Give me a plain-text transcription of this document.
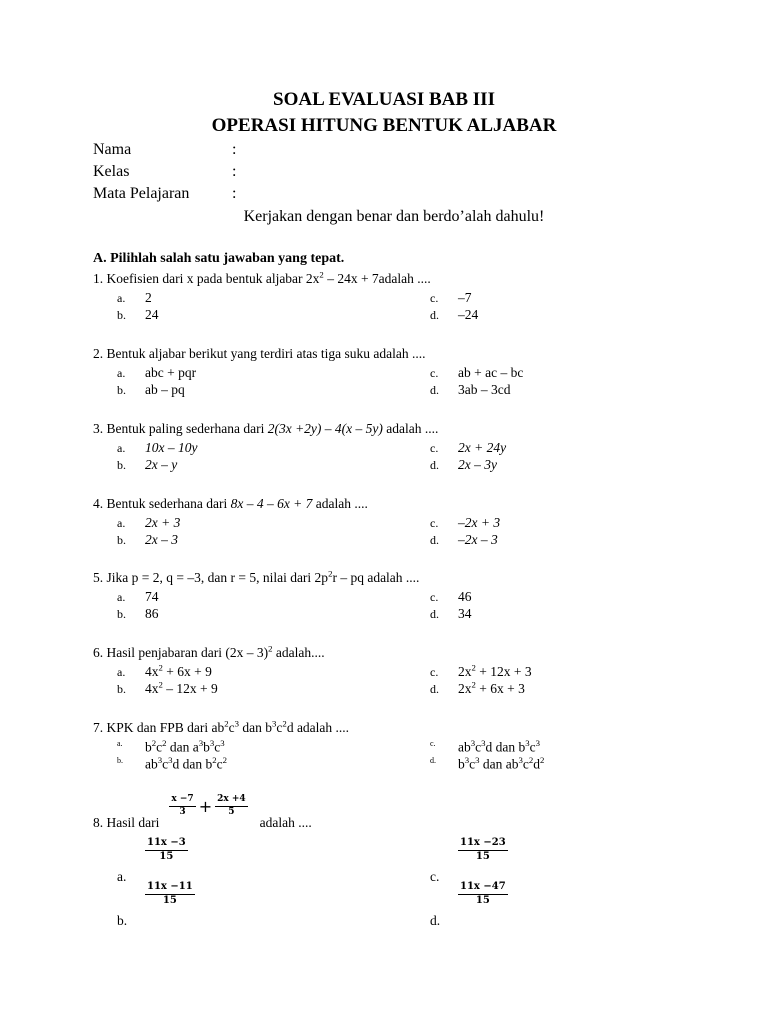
SOAL EVALUASI BAB III
OPERASI HITUNG BENTUK ALJABAR
Nama	:
Kelas	:
Mata Pelajaran	:
Kerjakan dengan benar dan berdo’alah dahulu!
A. Pilihlah salah satu jawaban yang tepat.
1. Koefisien dari x pada bentuk aljabar $2x^2 - 24x$ + 7adalah ....
a. 2
b. 24
c. –7
d. –24
2. Bentuk aljabar berikut yang terdiri atas tiga suku adalah ....
a. abc + pqr
b. ab – pq
c. ab + ac – bc
d. 3ab – 3cd
3. Bentuk paling sederhana dari 2(3x +2y) – 4(x – 5y) adalah ....
a. 10x – 10y
b. 2x – y
c. 2x + 24y
d. 2x – 3y
4. Bentuk sederhana dari 8x – 4 – 6x + 7 adalah ....
a. 2x + 3
b. 2x – 3
c. –2x + 3
d. –2x – 3
5. Jika p = 2, q = –3, dan r = 5, nilai dari $2p^2r$ – pq adalah ....
a. 74
b. 86
c. 46
d. 34
6. Hasil penjabaran dari (2x – 3)$^2$ adalah....
a. $4x^2 + 6x + 9$
b. $4x^2 - 12x + 9$
c. $2x^2 + 12x + 3$
d. $2x^2 + 6x + 3$
7. KPK dan FPB dari $ab^2c^3$ dan $b^3c^2d$ adalah ....
a. $b^2c^2$ dan $a^3b^3c^3$
b. $ab^3c^3d$ dan $b^2c^2$
c. $ab^3c^3d$ dan $b^3c^3$
d. $b^3c^3$ dan $ab^3c^2d^2$
8. Hasil dari
$\frac{x -7}{3} + \frac{2x +4}{5}$
adalah ....
$\frac{11x -3}{15}$
a.
$\frac{11x -11}{15}$
b.
$\frac{11x -23}{15}$
c.
$\frac{11x -47}{15}$
d.
